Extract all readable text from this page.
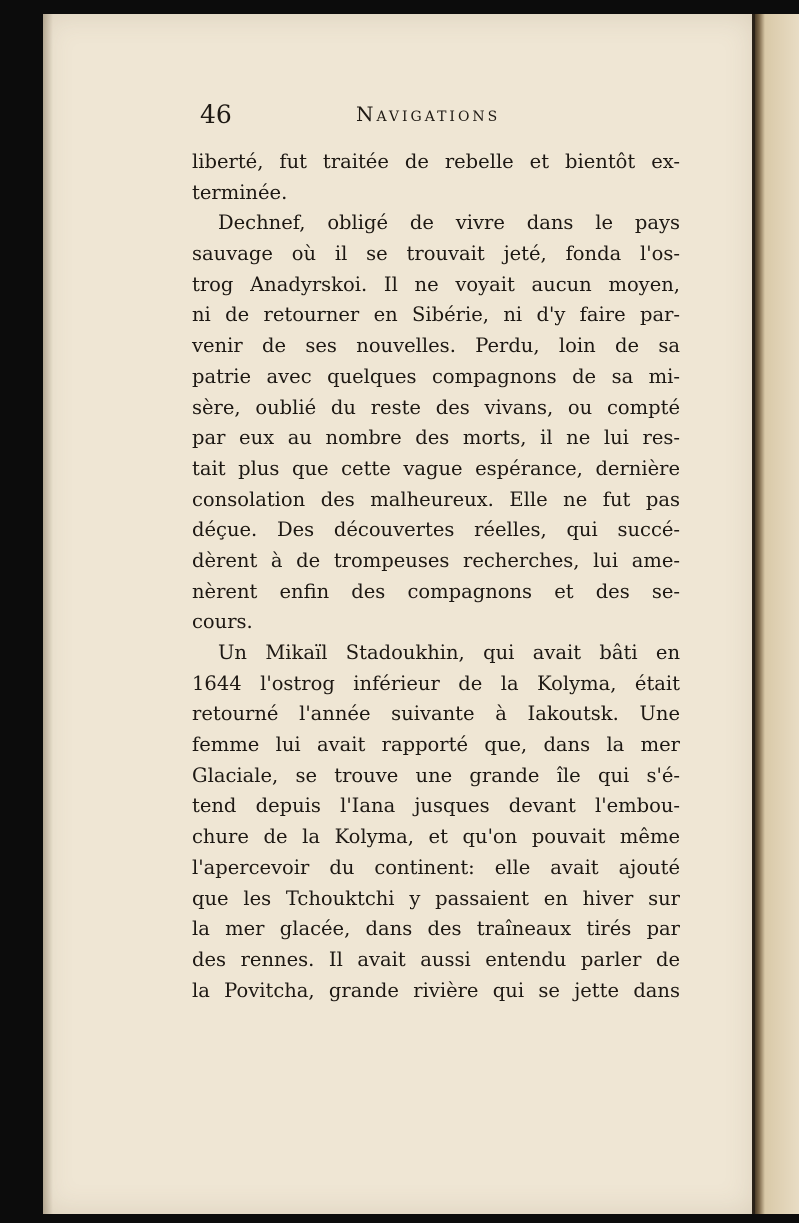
46	Navigations
liberté, fut traitée de rebelle et bientôt ex-
terminée.
Dechnef, obligé de vivre dans le pays
sauvage où il se trouvait jeté, fonda l'os-
trog Anadyrskoi. Il ne voyait aucun moyen,
ni de retourner en Sibérie, ni d'y faire par-
venir de ses nouvelles. Perdu, loin de sa
patrie avec quelques compagnons de sa mi-
sère, oublié du reste des vivans, ou compté
par eux au nombre des morts, il ne lui res-
tait plus que cette vague espérance, dernière
consolation des malheureux. Elle ne fut pas
déçue. Des découvertes réelles, qui succé-
dèrent à de trompeuses recherches, lui ame-
nèrent enfin des compagnons et des se-
cours.
Un Mikaïl Stadoukhin, qui avait bâti en
1644 l'ostrog inférieur de la Kolyma, était
retourné l'année suivante à Iakoutsk. Une
femme lui avait rapporté que, dans la mer
Glaciale, se trouve une grande île qui s'é-
tend depuis l'Iana jusques devant l'embou-
chure de la Kolyma, et qu'on pouvait même
l'apercevoir du continent: elle avait ajouté
que les Tchouktchi y passaient en hiver sur
la mer glacée, dans des traîneaux tirés par
des rennes. Il avait aussi entendu parler de
la Povitcha, grande rivière qui se jette dans
